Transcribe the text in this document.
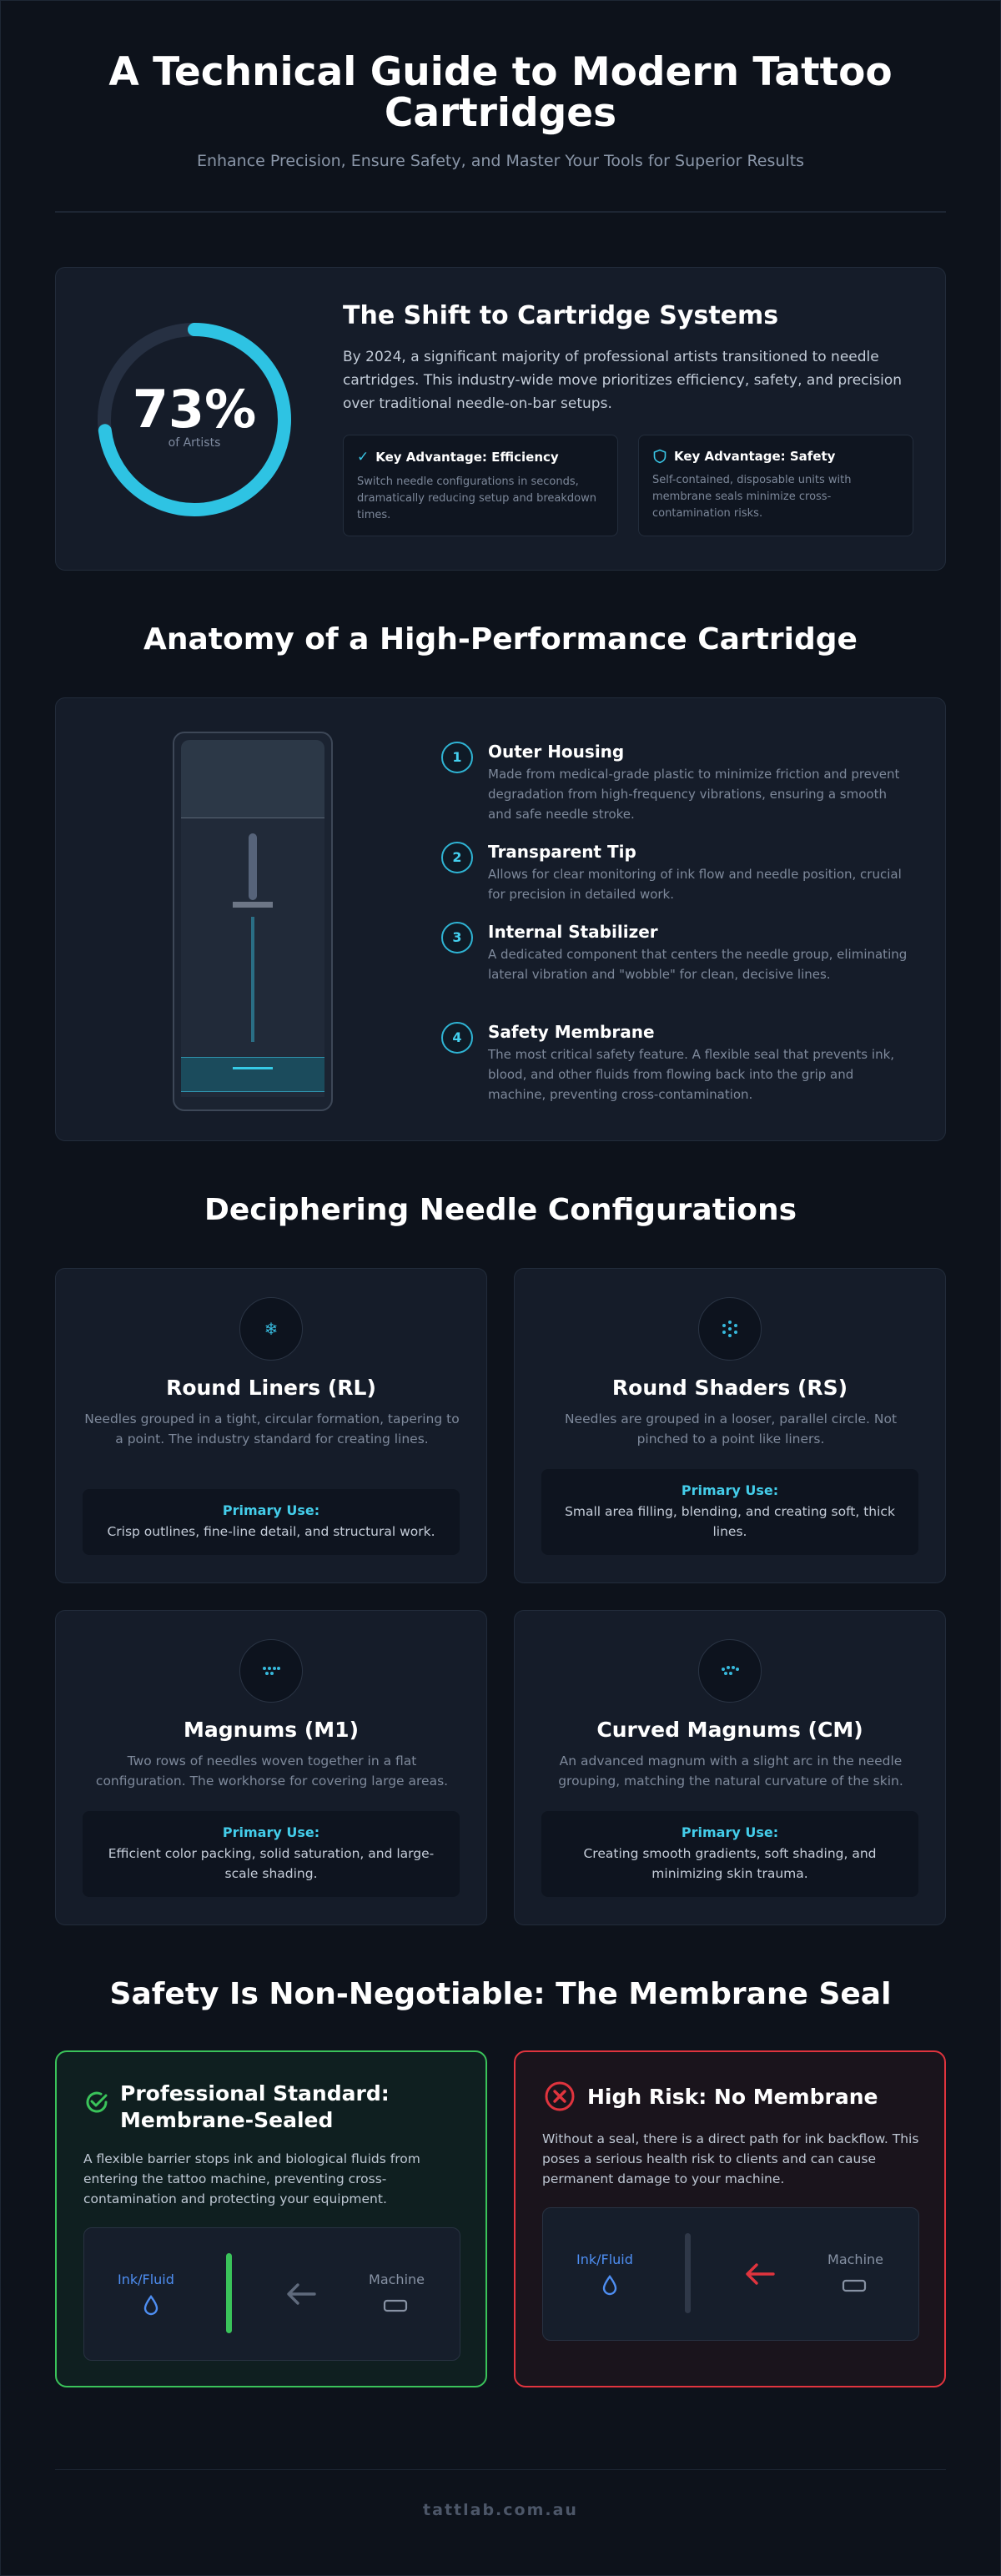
A Technical Guide to Modern Tattoo Cartridges
Enhance Precision, Ensure Safety, and Master Your Tools for Superior Results
73%
of Artists
The Shift to Cartridge Systems
By 2024, a significant majority of professional artists transitioned to needle cartridges. This industry-wide move prioritizes efficiency, safety, and precision over traditional needle-on-bar setups.
✓ Key Advantage: Efficiency
Switch needle configurations in seconds, dramatically reducing setup and breakdown times.
Key Advantage: Safety
Self-contained, disposable units with membrane seals minimize cross-contamination risks.
Anatomy of a High-Performance Cartridge
1	Outer Housing
Made from medical-grade plastic to minimize friction and prevent degradation from high-frequency vibrations, ensuring a smooth and safe needle stroke.
2	Transparent Tip
Allows for clear monitoring of ink flow and needle position, crucial for precision in detailed work.
3	Internal Stabilizer
A dedicated component that centers the needle group, eliminating lateral vibration and "wobble" for clean, decisive lines.
4	Safety Membrane
The most critical safety feature. A flexible seal that prevents ink, blood, and other fluids from flowing back into the grip and machine, preventing cross-contamination.
Deciphering Needle Configurations
❄
Round Liners (RL)
Needles grouped in a tight, circular formation, tapering to a point. The industry standard for creating lines.
Primary Use:
Crisp outlines, fine-line detail, and structural work.
Round Shaders (RS)
Needles are grouped in a looser, parallel circle. Not pinched to a point like liners.
Primary Use:
Small area filling, blending, and creating soft, thick lines.
Magnums (M1)
Two rows of needles woven together in a flat configuration. The workhorse for covering large areas.
Primary Use:
Efficient color packing, solid saturation, and large-scale shading.
Curved Magnums (CM)
An advanced magnum with a slight arc in the needle grouping, matching the natural curvature of the skin.
Primary Use:
Creating smooth gradients, soft shading, and minimizing skin trauma.
Safety Is Non-Negotiable: The Membrane Seal
Professional Standard: Membrane-Sealed
A flexible barrier stops ink and biological fluids from entering the tattoo machine, preventing cross-contamination and protecting your equipment.
Ink/Fluid	Machine
High Risk: No Membrane
Without a seal, there is a direct path for ink backflow. This poses a serious health risk to clients and can cause permanent damage to your machine.
Ink/Fluid	Machine
tattlab.com.au
